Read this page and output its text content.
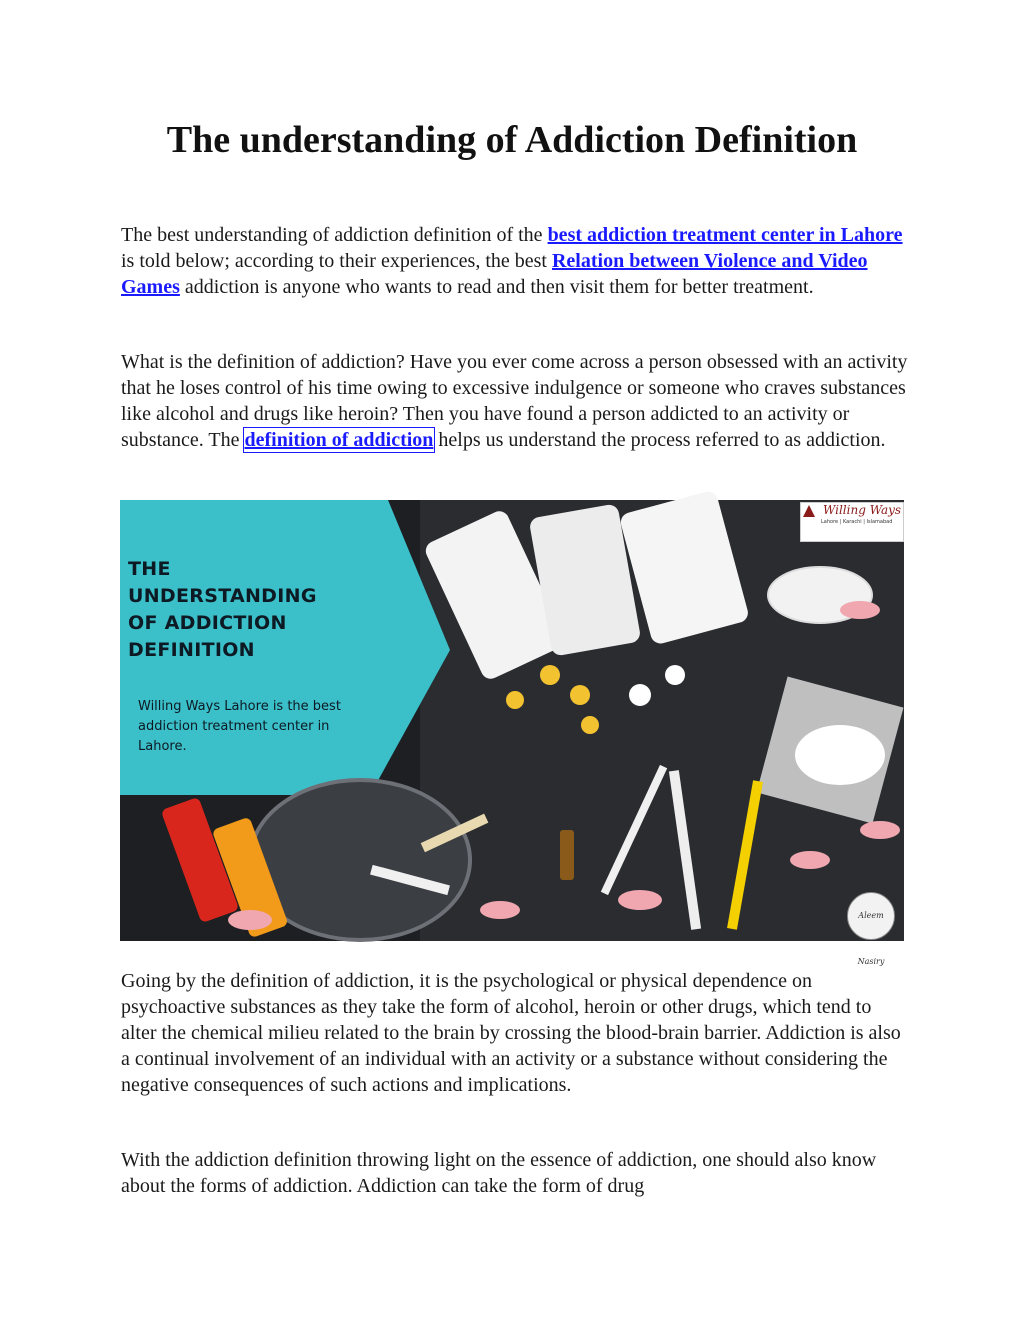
The understanding of Addiction Definition

The best understanding of addiction definition of the best addiction treatment center in Lahore is told below; according to their experiences, the best Relation between Violence and Video Games addiction is anyone who wants to read and then visit them for better treatment.

What is the definition of addiction? Have you ever come across a person obsessed with an activity that he loses control of his time owing to excessive indulgence or someone who craves substances like alcohol and drugs like heroin? Then you have found a person addicted to an activity or substance. The definition of addiction helps us understand the process referred to as addiction.

THE
UNDERSTANDING
OF ADDICTION
DEFINITION
Willing Ways Lahore is the best addiction treatment center in Lahore.
Willing Ways
Lahore | Karachi | Islamabad
Aleem Nasiry

Going by the definition of addiction, it is the psychological or physical dependence on psychoactive substances as they take the form of alcohol, heroin or other drugs, which tend to alter the chemical milieu related to the brain by crossing the blood-brain barrier. Addiction is also a continual involvement of an individual with an activity or a substance without considering the negative consequences of such actions and implications.

With the addiction definition throwing light on the essence of addiction, one should also know about the forms of addiction. Addiction can take the form of drug
